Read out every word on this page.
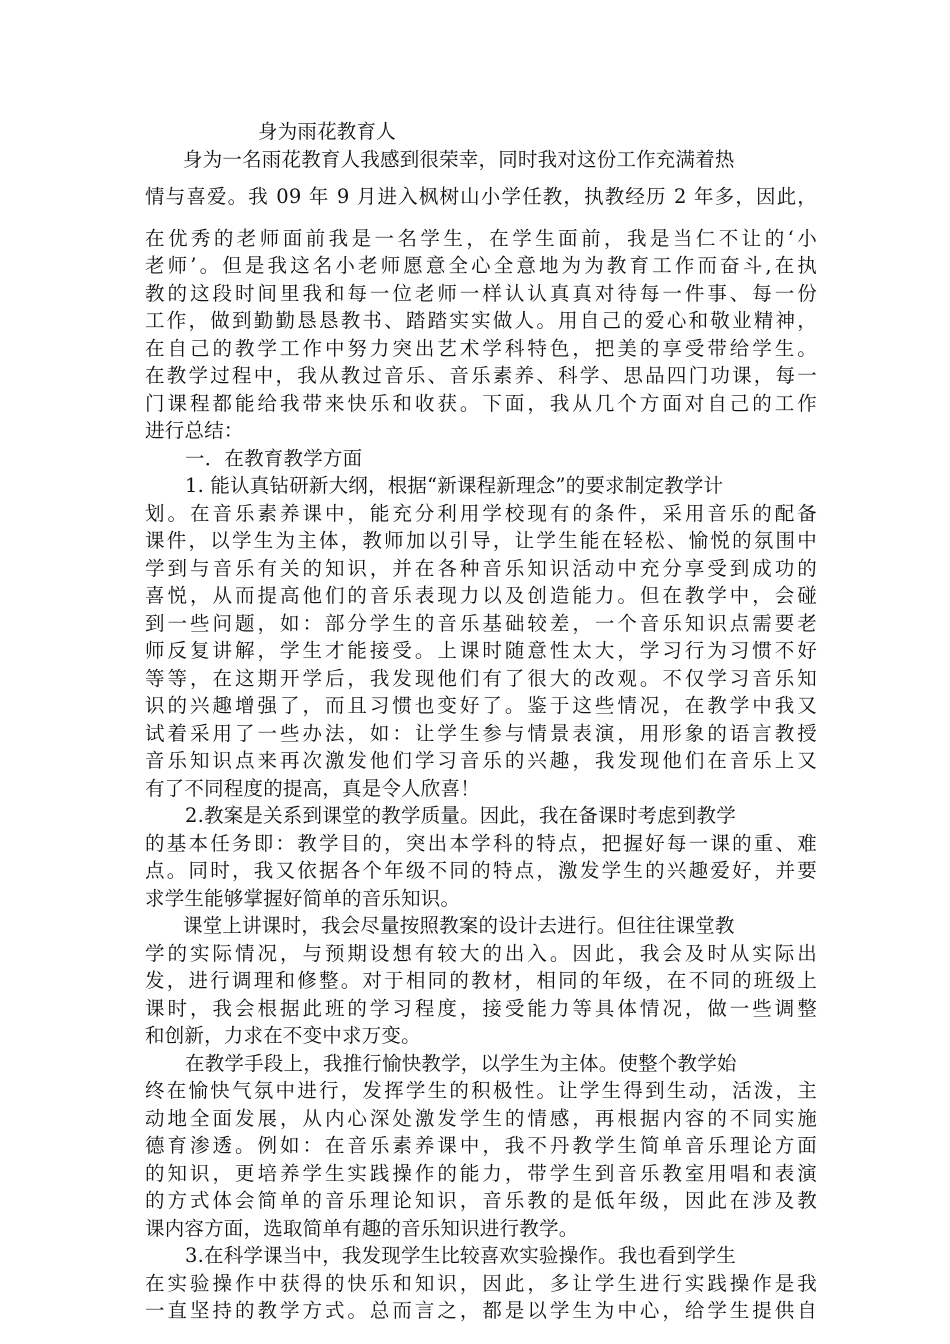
身为雨花教育人
身为一名雨花教育人我感到很荣幸，同时我对这份工作充满着热
情与喜爱。我 09 年 9 月进入枫树山小学任教，执教经历 2 年多，因此，
在优秀的老师面前我是一名学生，在学生面前，我是当仁不让的‘小
老师’。但是我这名小老师愿意全心全意地为为教育工作而奋斗,在执
教的这段时间里我和每一位老师一样认认真真对待每一件事、每一份
工作，做到勤勤恳恳教书、踏踏实实做人。用自己的爱心和敬业精神，
在自己的教学工作中努力突出艺术学科特色，把美的享受带给学生。
在教学过程中，我从教过音乐、音乐素养、科学、思品四门功课，每一
门课程都能给我带来快乐和收获。下面，我从几个方面对自己的工作
进行总结：
一．在教育教学方面
1. 能认真钻研新大纲，根据“新课程新理念”的要求制定教学计
划。在音乐素养课中，能充分利用学校现有的条件，采用音乐的配备
课件，以学生为主体，教师加以引导，让学生能在轻松、愉悦的氛围中
学到与音乐有关的知识，并在各种音乐知识活动中充分享受到成功的
喜悦，从而提高他们的音乐表现力以及创造能力。但在教学中，会碰
到一些问题，如：部分学生的音乐基础较差，一个音乐知识点需要老
师反复讲解，学生才能接受。上课时随意性太大，学习行为习惯不好
等等，在这期开学后，我发现他们有了很大的改观。不仅学习音乐知
识的兴趣增强了，而且习惯也变好了。鉴于这些情况，在教学中我又
试着采用了一些办法，如：让学生参与情景表演，用形象的语言教授
音乐知识点来再次激发他们学习音乐的兴趣，我发现他们在音乐上又
有了不同程度的提高，真是令人欣喜！
2.教案是关系到课堂的教学质量。因此，我在备课时考虑到教学
的基本任务即：教学目的，突出本学科的特点，把握好每一课的重、难
点。同时，我又依据各个年级不同的特点，激发学生的兴趣爱好，并要
求学生能够掌握好简单的音乐知识。
课堂上讲课时，我会尽量按照教案的设计去进行。但往往课堂教
学的实际情况，与预期设想有较大的出入。因此，我会及时从实际出
发，进行调理和修整。对于相同的教材，相同的年级，在不同的班级上
课时，我会根据此班的学习程度，接受能力等具体情况，做一些调整
和创新，力求在不变中求万变。
在教学手段上，我推行愉快教学，以学生为主体。使整个教学始
终在愉快气氛中进行，发挥学生的积极性。让学生得到生动，活泼，主
动地全面发展，从内心深处激发学生的情感，再根据内容的不同实施
德育渗透。例如：在音乐素养课中，我不丹教学生简单音乐理论方面
的知识，更培养学生实践操作的能力，带学生到音乐教室用唱和表演
的方式体会简单的音乐理论知识，音乐教的是低年级，因此在涉及教
课内容方面，选取简单有趣的音乐知识进行教学。
3.在科学课当中，我发现学生比较喜欢实验操作。我也看到学生
在实验操作中获得的快乐和知识，因此，多让学生进行实践操作是我
一直坚持的教学方式。总而言之，都是以学生为中心，给学生提供自
